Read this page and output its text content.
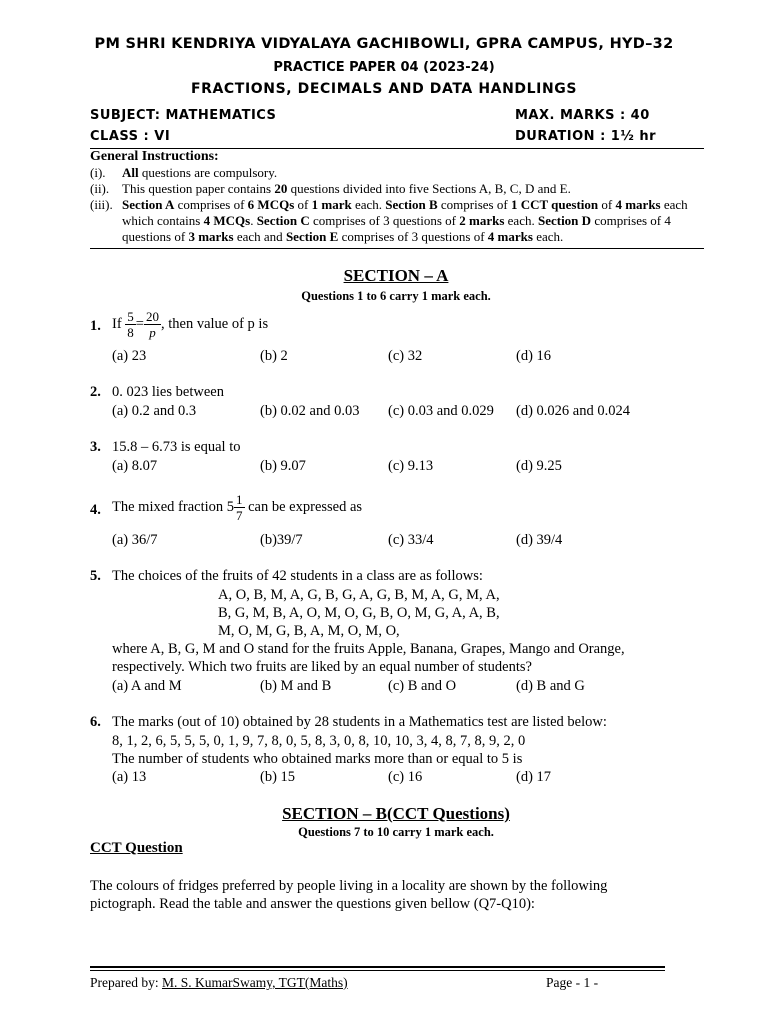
PM SHRI KENDRIYA VIDYALAYA GACHIBOWLI, GPRA CAMPUS, HYD–32
PRACTICE PAPER 04 (2023-24)
FRACTIONS, DECIMALS AND DATA HANDLINGS
SUBJECT: MATHEMATICS	MAX. MARKS : 40
CLASS : VI	DURATION : 1½ hr
General Instructions:
(i).	All questions are compulsory.
(ii). This question paper contains 20 questions divided into five Sections A, B, C, D and E.
(iii). Section A comprises of 6 MCQs of 1 mark each. Section B comprises of 1 CCT question of 4 marks each which contains 4 MCQs. Section C comprises of 3 questions of 2 marks each. Section D comprises of 4 questions of 3 marks each and Section E comprises of 3 questions of 4 marks each.
SECTION – A
Questions 1 to 6 carry 1 mark each.
1. If $\frac{5}{8} = \frac{20}{p}$ , then value of p is
(a) 23	(b) 2	(c) 32	(d) 16
2. 0. 023 lies between
(a) 0.2 and 0.3	(b) 0.02 and 0.03 (c) 0.03 and 0.029 (d) 0.026 and 0.024
3. 15.8 – 6.73 is equal to
(a) 8.07	(b) 9.07	(c) 9.13	(d) 9.25
4. The mixed fraction $5 \frac{1}{7}$ can be expressed as
(a) 36/7	(b)39/7	(c) 33/4	(d) 39/4
5. The choices of the fruits of 42 students in a class are as follows:
A, O, B, M, A, G, B, G, A, G, B, M, A, G, M, A,
B, G, M, B, A, O, M, O, G, B, O, M, G, A, A, B,
M, O, M, G, B, A, M, O, M, O,
where A, B, G, M and O stand for the fruits Apple, Banana, Grapes, Mango and Orange,
respectively. Which two fruits are liked by an equal number of students?
(a) A and M	(b) M and B	(c) B and O	(d) B and G
6. The marks (out of 10) obtained by 28 students in a Mathematics test are listed below:
8, 1, 2, 6, 5, 5, 5, 0, 1, 9, 7, 8, 0, 5, 8, 3, 0, 8, 10, 10, 3, 4, 8, 7, 8, 9, 2, 0
The number of students who obtained marks more than or equal to 5 is
(a) 13	(b) 15	(c) 16	(d) 17
SECTION – B(CCT Questions)
Questions 7 to 10 carry 1 mark each.
CCT Question
The colours of fridges preferred by people living in a locality are shown by the following
pictograph. Read the table and answer the questions given bellow (Q7-Q10):
Prepared by: M. S. KumarSwamy, TGT(Maths)	Page - 1 -
